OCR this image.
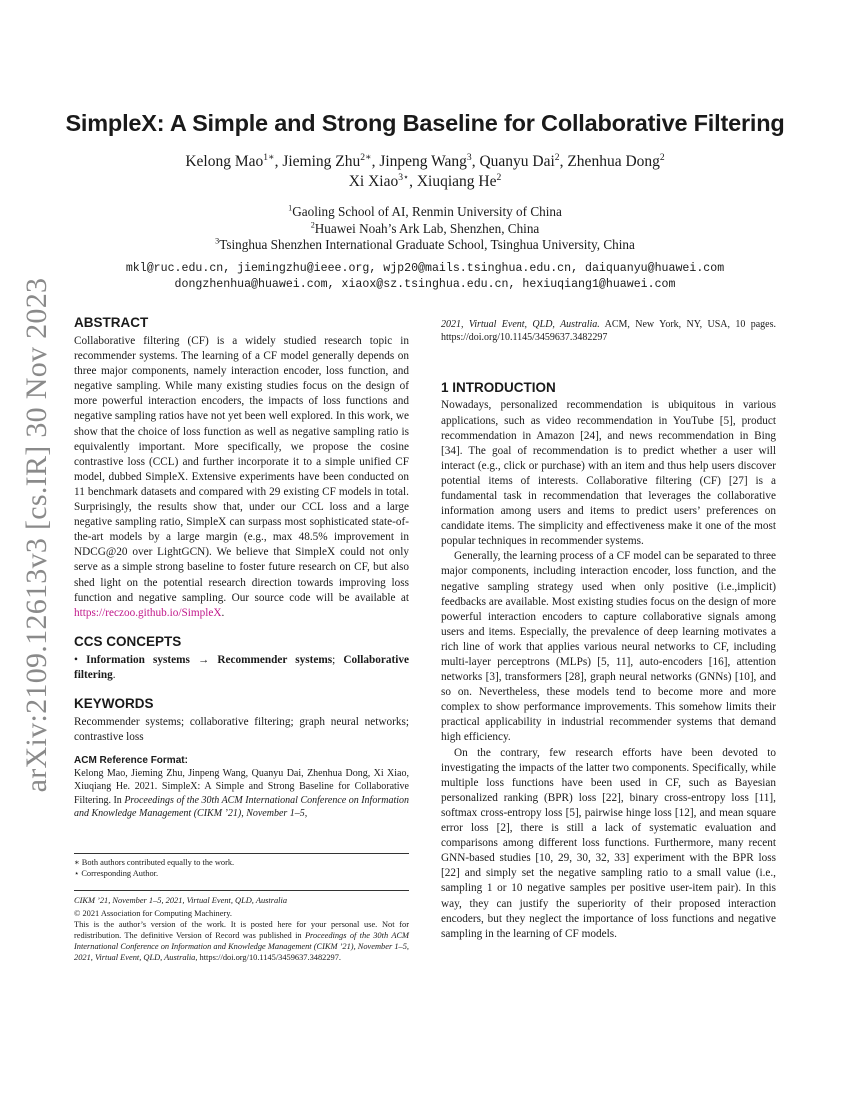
arXiv:2109.12613v3 [cs.IR] 30 Nov 2023
SimpleX: A Simple and Strong Baseline for Collaborative Filtering
Kelong Mao$^{1∗}$, Jieming Zhu$^{2∗}$, Jinpeng Wang$^3$, Quanyu Dai$^2$, Zhenhua Dong$^2$
Xi Xiao$^{3⋆}$, Xiuqiang He$^2$
$^1$Gaoling School of AI, Renmin University of China
$^2$Huawei Noah’s Ark Lab, Shenzhen, China
$^3$Tsinghua Shenzhen International Graduate School, Tsinghua University, China
mkl@ruc.edu.cn, jiemingzhu@ieee.org, wjp20@mails.tsinghua.edu.cn, daiquanyu@huawei.com
dongzhenhua@huawei.com, xiaox@sz.tsinghua.edu.cn, hexiuqiang1@huawei.com
ABSTRACT
Collaborative filtering (CF) is a widely studied research topic in recommender systems. The learning of a CF model generally depends on three major components, namely interaction encoder, loss function, and negative sampling. While many existing studies focus on the design of more powerful interaction encoders, the impacts of loss functions and negative sampling ratios have not yet been well explored. In this work, we show that the choice of loss function as well as negative sampling ratio is equivalently important. More specifically, we propose the cosine contrastive loss (CCL) and further incorporate it to a simple unified CF model, dubbed SimpleX. Extensive experiments have been conducted on 11 benchmark datasets and compared with 29 existing CF models in total. Surprisingly, the results show that, under our CCL loss and a large negative sampling ratio, SimpleX can surpass most sophisticated state-of-the-art models by a large margin (e.g., max 48.5% improvement in NDCG@20 over LightGCN). We believe that SimpleX could not only serve as a simple strong baseline to foster future research on CF, but also shed light on the potential research direction towards improving loss function and negative sampling. Our source code will be available at https://reczoo.github.io/SimpleX.
CCS CONCEPTS
• Information systems → Recommender systems; Collaborative filtering.
KEYWORDS
Recommender systems; collaborative filtering; graph neural networks; contrastive loss
ACM Reference Format:
Kelong Mao, Jieming Zhu, Jinpeng Wang, Quanyu Dai, Zhenhua Dong, Xi Xiao, Xiuqiang He. 2021. SimpleX: A Simple and Strong Baseline for Collaborative Filtering. In Proceedings of the 30th ACM International Conference on Information and Knowledge Management (CIKM ’21), November 1–5,
∗ Both authors contributed equally to the work.
⋆ Corresponding Author.
CIKM ’21, November 1–5, 2021, Virtual Event, QLD, Australia
© 2021 Association for Computing Machinery.
This is the author’s version of the work. It is posted here for your personal use. Not for redistribution. The definitive Version of Record was published in Proceedings of the 30th ACM International Conference on Information and Knowledge Management (CIKM ’21), November 1–5, 2021, Virtual Event, QLD, Australia, https://doi.org/10.1145/3459637.3482297.
2021, Virtual Event, QLD, Australia. ACM, New York, NY, USA, 10 pages. https://doi.org/10.1145/3459637.3482297
1 INTRODUCTION
Nowadays, personalized recommendation is ubiquitous in various applications, such as video recommendation in YouTube [5], product recommendation in Amazon [24], and news recommendation in Bing [34]. The goal of recommendation is to predict whether a user will interact (e.g., click or purchase) with an item and thus help users discover potential items of interests. Collaborative filtering (CF) [27] is a fundamental task in recommendation that leverages the collaborative information among users and items to predict users’ preferences on candidate items. The simplicity and effectiveness make it one of the most popular techniques in recommender systems.
Generally, the learning process of a CF model can be separated to three major components, including interaction encoder, loss function, and the negative sampling strategy used when only positive (i.e.,implicit) feedbacks are available. Most existing studies focus on the design of more powerful interaction encoders to capture collaborative signals among users and items. Especially, the prevalence of deep learning motivates a rich line of work that applies various neural networks to CF, including multi-layer perceptrons (MLPs) [5, 11], auto-encoders [16], attention networks [3], transformers [28], graph neural networks (GNNs) [10], and so on. Nevertheless, these models tend to become more and more complex to show performance improvements. This somehow limits their practical applicability in industrial recommender systems that demand high efficiency.
On the contrary, few research efforts have been devoted to investigating the impacts of the latter two components. Specifically, while multiple loss functions have been used in CF, such as Bayesian personalized ranking (BPR) loss [22], binary cross-entropy loss [11], softmax cross-entropy loss [5], pairwise hinge loss [12], and mean square error loss [2], there is still a lack of systematic evaluation and comparisons among different loss functions. Furthermore, many recent GNN-based studies [10, 29, 30, 32, 33] experiment with the BPR loss [22] and simply set the negative sampling ratio to a small value (i.e., sampling 1 or 10 negative samples per positive user-item pair). In this way, they can justify the superiority of their proposed interaction encoders, but they neglect the importance of loss functions and negative sampling in the learning of CF models.
